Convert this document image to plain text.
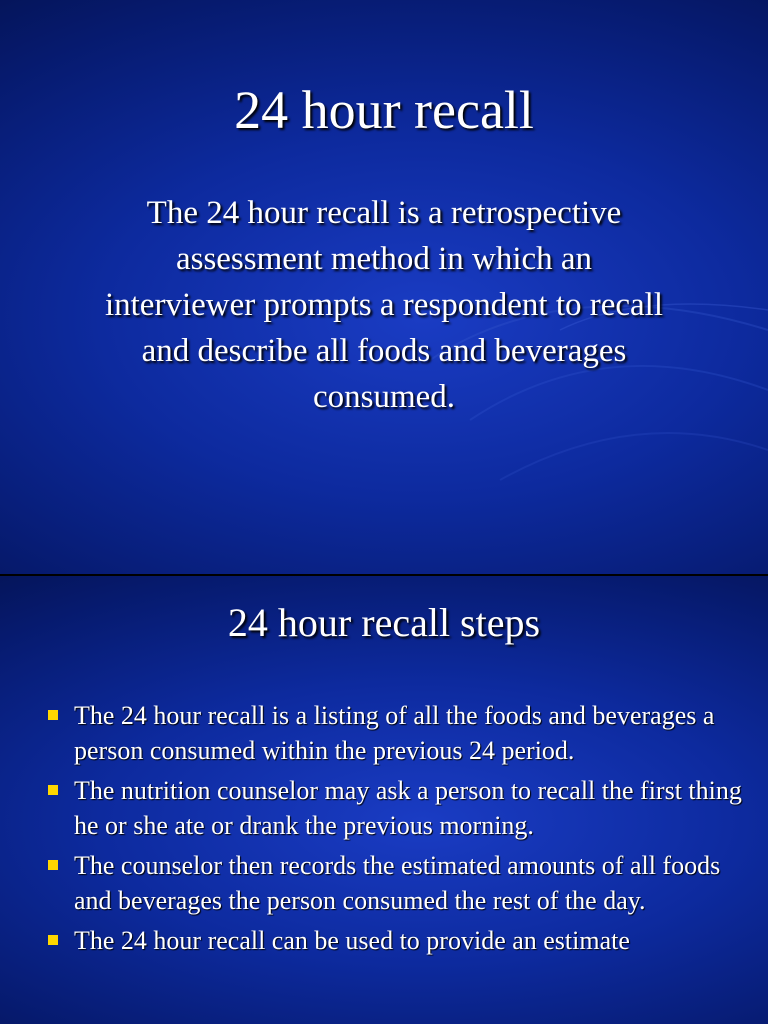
24 hour recall
The 24 hour recall is a retrospective assessment method in which an interviewer prompts a respondent to recall and describe all foods and beverages consumed.
24 hour recall steps
The 24 hour recall is a listing of all the foods and beverages a person consumed within the previous 24 period.
The nutrition counselor may ask a person to recall the first thing he or she ate or drank the previous morning.
The counselor then records the estimated amounts of all foods and beverages the person consumed the rest of the day.
The 24 hour recall can be used to provide an estimate
